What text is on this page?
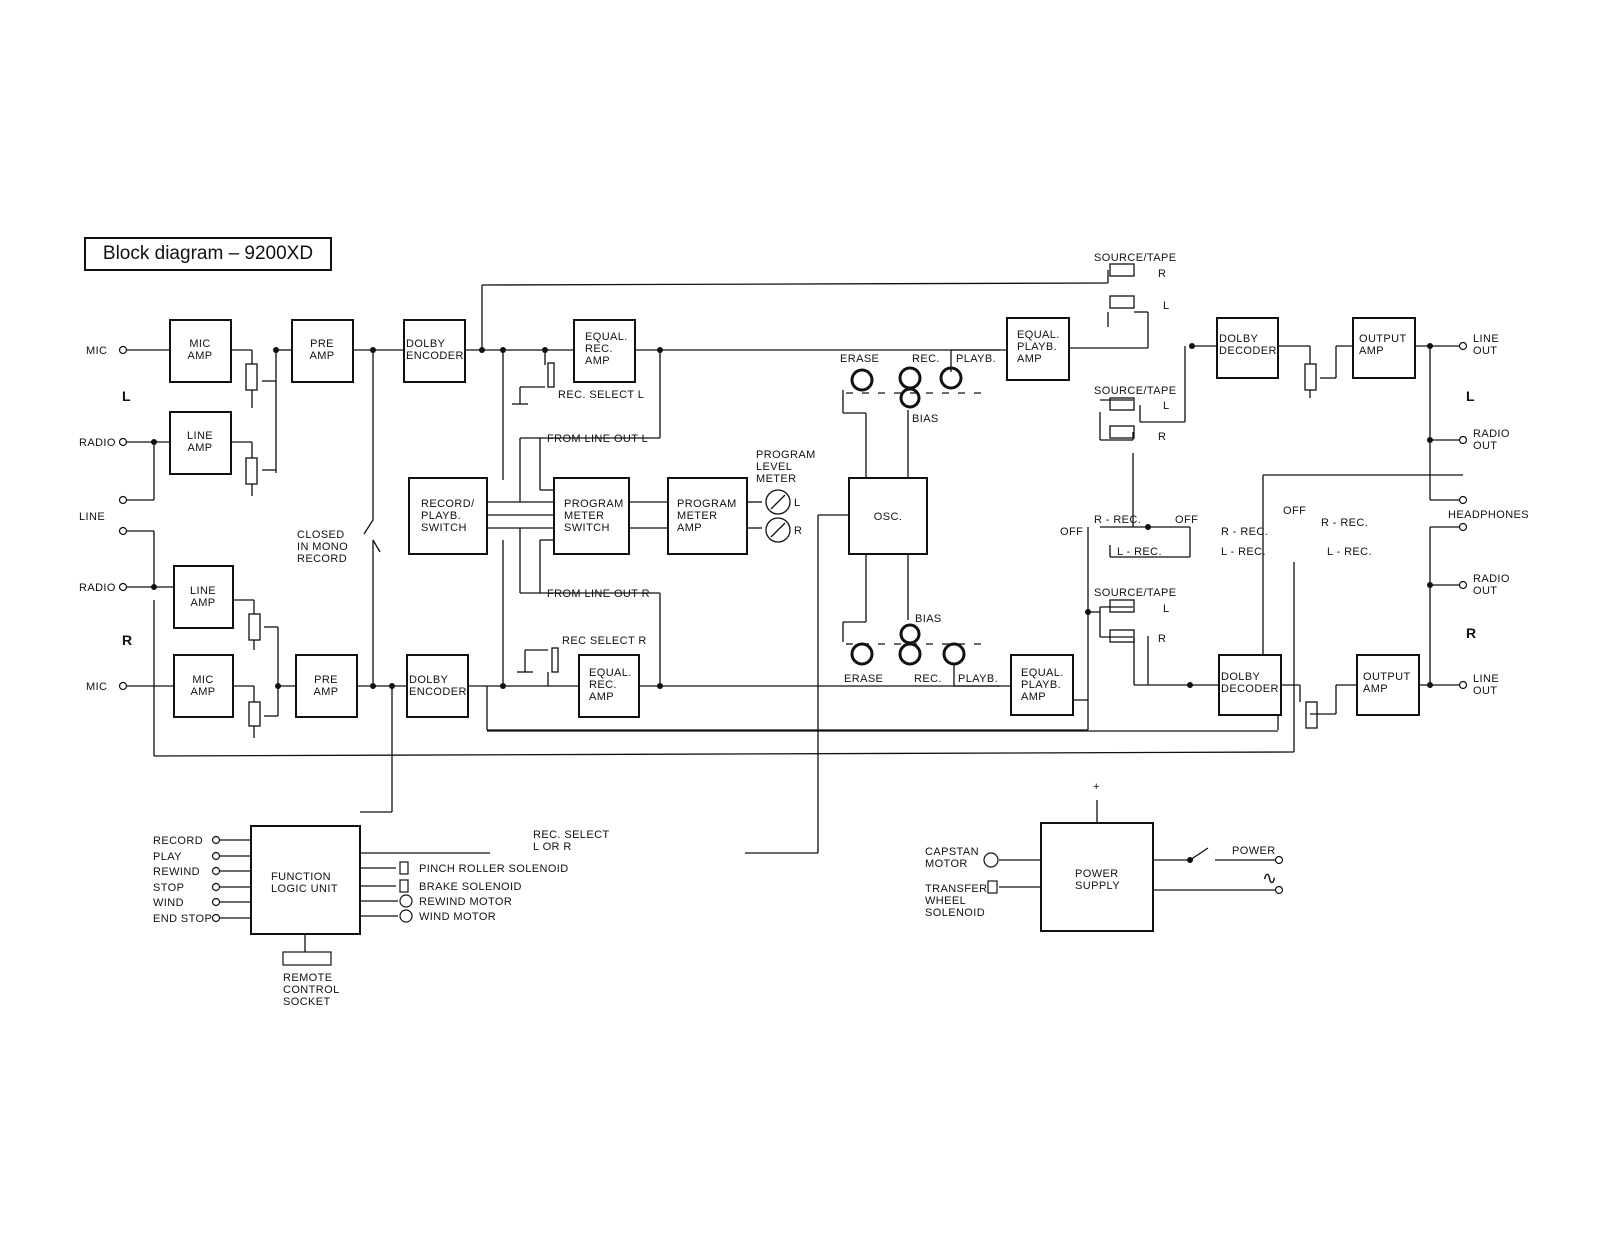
Block diagram – 9200XD
MIC
AMP
PRE
AMP
DOLBY
ENCODER
EQUAL.
REC.
AMP
LINE
AMP
RECORD/
PLAYB.
SWITCH
PROGRAM
METER
SWITCH
PROGRAM
METER
AMP
OSC.
EQUAL.
PLAYB.
AMP
DOLBY
DECODER
OUTPUT
AMP
LINE
AMP
MIC
AMP
PRE
AMP
DOLBY
ENCODER
EQUAL.
REC.
AMP
EQUAL.
PLAYB.
AMP
DOLBY
DECODER
OUTPUT
AMP
FUNCTION
LOGIC UNIT
POWER
SUPPLY
MIC
L
RADIO
LINE
RADIO
R
MIC
REC. SELECT L
FROM LINE OUT L
FROM LINE OUT R
REC SELECT R
PROGRAM
LEVEL
METER
L
R
CLOSED
IN MONO
RECORD
ERASE	REC. PLAYB.
BIAS
BIAS
ERASE	REC. PLAYB.
SOURCE/TAPE
R
L
SOURCE/TAPE
L
R
SOURCE/TAPE
L
R
R - REC.	OFF
OFF
L - REC.
R - REC.
L - REC.
OFF
R - REC.
L - REC.
LINE
OUT
L
RADIO
OUT
HEADPHONES
RADIO
OUT
R
LINE
OUT
RECORD
PLAY
REWIND
STOP
WIND
END STOP
PINCH ROLLER SOLENOID
BRAKE SOLENOID
REWIND MOTOR
WIND MOTOR
REC. SELECT
L OR R
REMOTE
CONTROL
SOCKET
CAPSTAN
MOTOR
TRANSFER
WHEEL
SOLENOID
POWER
+
∿
